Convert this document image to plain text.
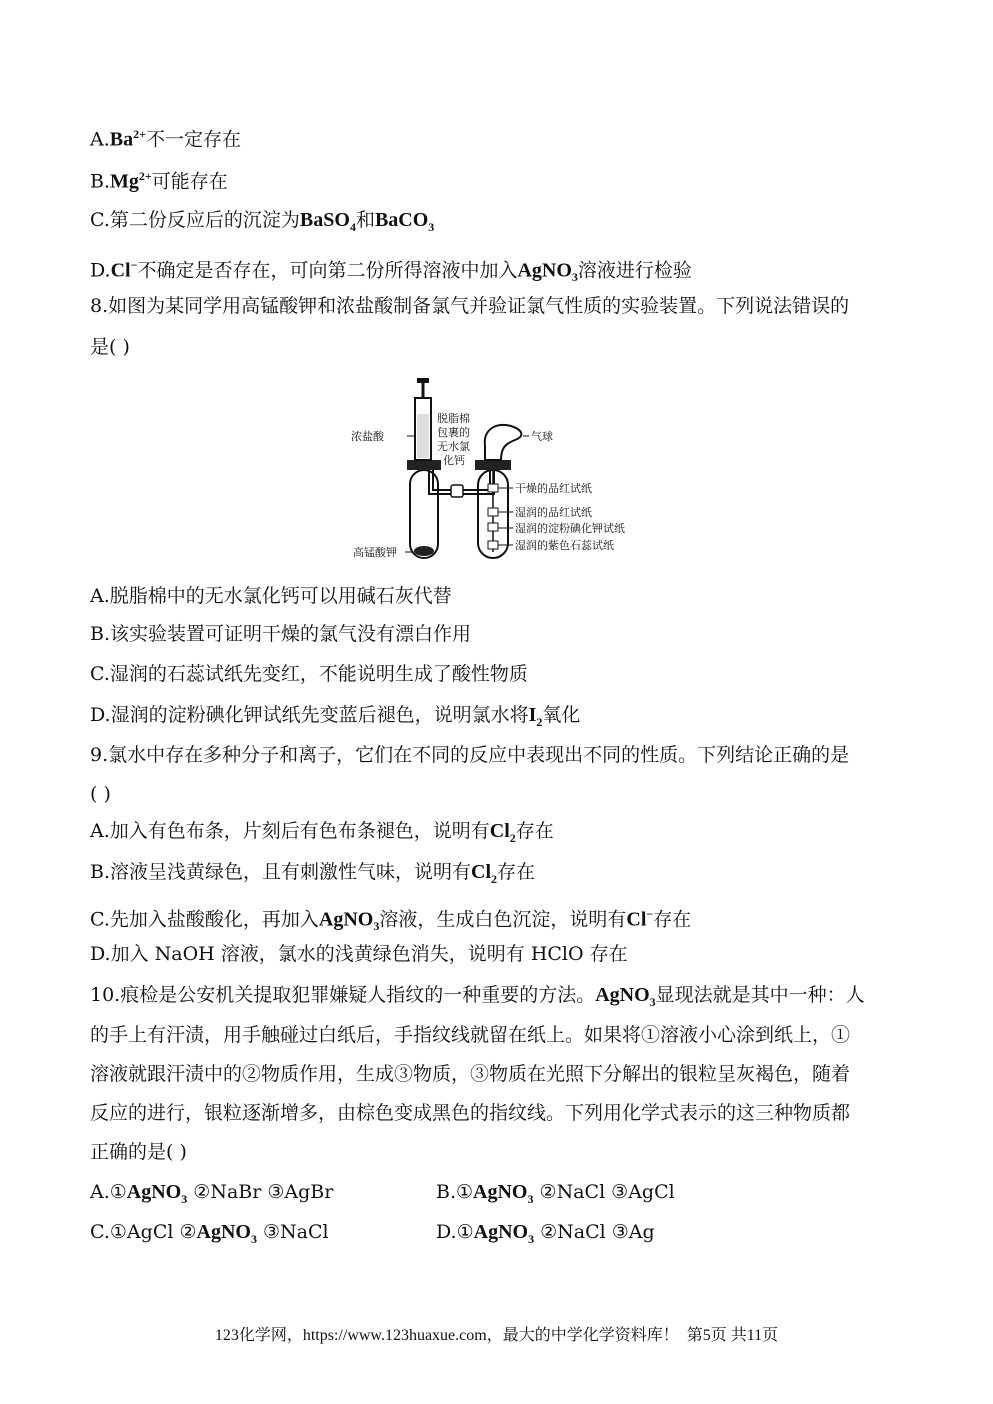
$A.Ba^{2+}$不一定存在
$B.Mg^{2+}$可能存在
C.第二份反应后的沉淀为BaSO$_4$和BaCO$_3$
D.Cl−不确定是否存在，可向第二份所得溶液中加入AgNO$_3$溶液进行检验
8.如图为某同学用高锰酸钾和浓盐酸制备氯气并验证氯气性质的实验装置。下列说法错误的
是( )
浓盐酸
脱脂棉
包裹的
无水氯
化钙
气球
高锰酸钾
干燥的品红试纸
湿润的品红试纸
湿润的淀粉碘化钾试纸
湿润的紫色石蕊试纸
A.脱脂棉中的无水氯化钙可以用碱石灰代替
B.该实验装置可证明干燥的氯气没有漂白作用
C.湿润的石蕊试纸先变红，不能说明生成了酸性物质
D.湿润的淀粉碘化钾试纸先变蓝后褪色，说明氯水将$I_2$氧化
9.氯水中存在多种分子和离子，它们在不同的反应中表现出不同的性质。下列结论正确的是
( )
A.加入有色布条，片刻后有色布条褪色，说明有$Cl_2$存在
B.溶液呈浅黄绿色，且有刺激性气味，说明有$Cl_2$存在
C.先加入盐酸酸化，再加入AgNO$_3$溶液，生成白色沉淀，说明有Cl−存在
D.加入 NaOH 溶液，氯水的浅黄绿色消失，说明有 HClO 存在
10.痕检是公安机关提取犯罪嫌疑人指纹的一种重要的方法。AgNO$_3$显现法就是其中一种：人
的手上有汗渍，用手触碰过白纸后，手指纹线就留在纸上。如果将①溶液小心涂到纸上，①
溶液就跟汗渍中的②物质作用，生成③物质，③物质在光照下分解出的银粒呈灰褐色，随着
反应的进行，银粒逐渐增多，由棕色变成黑色的指纹线。下列用化学式表示的这三种物质都
正确的是( )
A.①AgNO$_3$ ②NaBr ③AgBr	B.①AgNO$_3$ ②NaCl ③AgCl
C.①AgCl ②AgNO$_3$ ③NaCl	D.①AgNO$_3$ ②NaCl ③Ag
123化学网，https://www.123huaxue.com，最大的中学化学资料库！ 第5页 共11页
